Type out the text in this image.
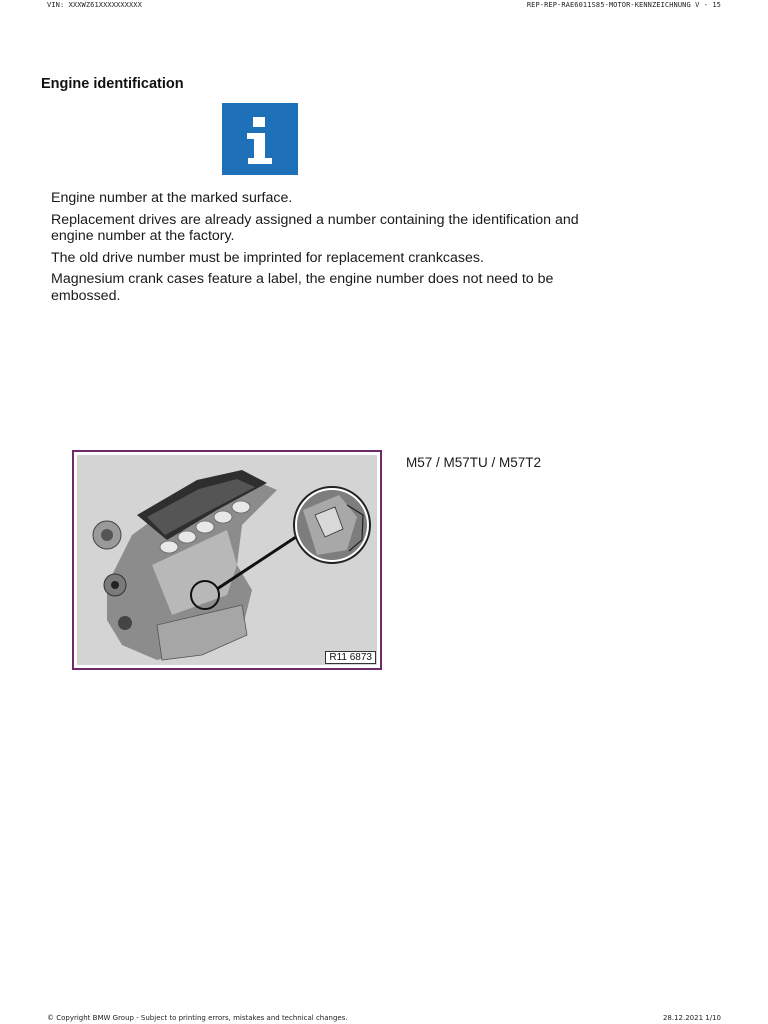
VIN: XXXWZ61XXXXXXXXXX	REP-REP-RAE6011S85-MOTOR-KENNZEICHNUNG V - 15
Engine identification

Engine number at the marked surface.

Replacement drives are already assigned a number containing the identification and engine number at the factory.

The old drive number must be imprinted for replacement crankcases.

Magnesium crank cases feature a label, the engine number does not need to be embossed.

R11 6873
M57 / M57TU / M57T2
© Copyright BMW Group - Subject to printing errors, mistakes and technical changes.	28.12.2021 1/10
